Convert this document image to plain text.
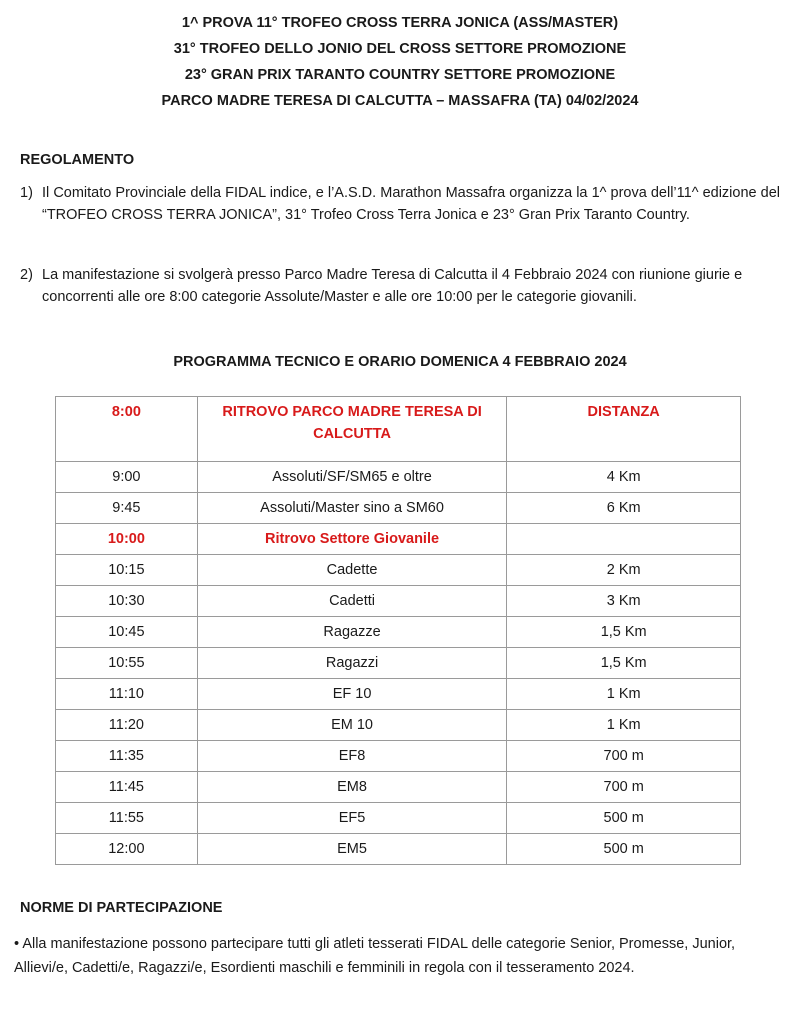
1^ PROVA 11° TROFEO CROSS TERRA JONICA (ASS/MASTER)
31° TROFEO DELLO JONIO DEL CROSS SETTORE PROMOZIONE
23° GRAN PRIX TARANTO COUNTRY SETTORE PROMOZIONE
PARCO MADRE TERESA DI CALCUTTA – MASSAFRA (TA) 04/02/2024
REGOLAMENTO
1) Il Comitato Provinciale della FIDAL indice, e l’A.S.D. Marathon Massafra organizza la 1^ prova dell’11^ edizione del “TROFEO CROSS TERRA JONICA”, 31° Trofeo Cross Terra Jonica e 23° Gran Prix Taranto Country.
2) La manifestazione si svolgerà presso Parco Madre Teresa di Calcutta il 4 Febbraio 2024 con riunione giurie e concorrenti alle ore 8:00 categorie Assolute/Master e alle ore 10:00 per le categorie giovanili.
PROGRAMMA TECNICO E ORARIO DOMENICA 4 FEBBRAIO 2024
8:00	RITROVO PARCO MADRE TERESA DI CALCUTTA	DISTANZA
9:00	Assoluti/SF/SM65 e oltre	4 Km
9:45	Assoluti/Master sino a SM60	6 Km
10:00	Ritrovo Settore Giovanile	
10:15	Cadette	2 Km
10:30	Cadetti	3 Km
10:45	Ragazze	1,5 Km
10:55	Ragazzi	1,5 Km
11:10	EF 10	1 Km
11:20	EM 10	1 Km
11:35	EF8	700 m
11:45	EM8	700 m
11:55	EF5	500 m
12:00	EM5	500 m
NORME DI PARTECIPAZIONE
• Alla manifestazione possono partecipare tutti gli atleti tesserati FIDAL delle categorie Senior, Promesse, Junior, Allievi/e, Cadetti/e, Ragazzi/e, Esordienti maschili e femminili in regola con il tesseramento 2024.
